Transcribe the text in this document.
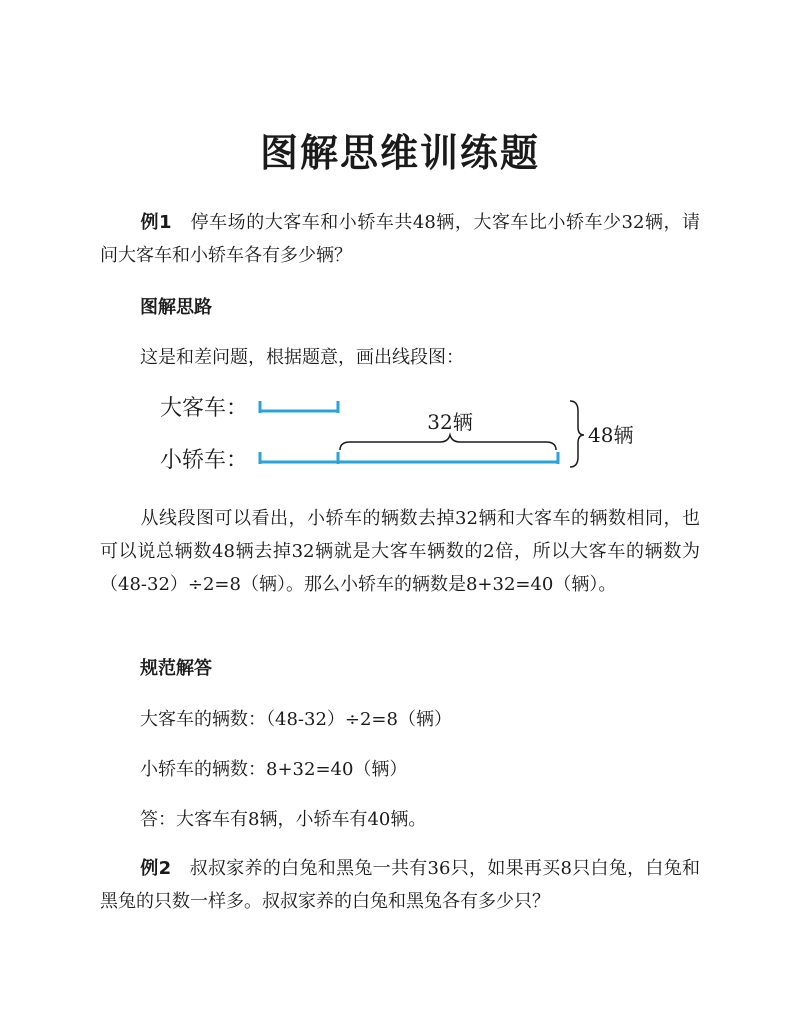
图解思维训练题
例1　 停车场的大客车和小轿车共48辆，大客车比小轿车少32辆，请问大客车和小轿车各有多少辆？
图解思路
这是和差问题，根据题意，画出线段图：
大客车：
小轿车：
32辆
48辆
从线段图可以看出，小轿车的辆数去掉32辆和大客车的辆数相同，也可以说总辆数48辆去掉32辆就是大客车辆数的2倍，所以大客车的辆数为（48-32）÷2=8（辆）。那么小轿车的辆数是8+32=40（辆）。
规范解答
大客车的辆数：（48-32）÷2=8（辆）
小轿车的辆数：8+32=40（辆）
答：大客车有8辆，小轿车有40辆。
例2　 叔叔家养的白兔和黑兔一共有36只，如果再买8只白兔，白兔和黑兔的只数一样多。叔叔家养的白兔和黑兔各有多少只？
